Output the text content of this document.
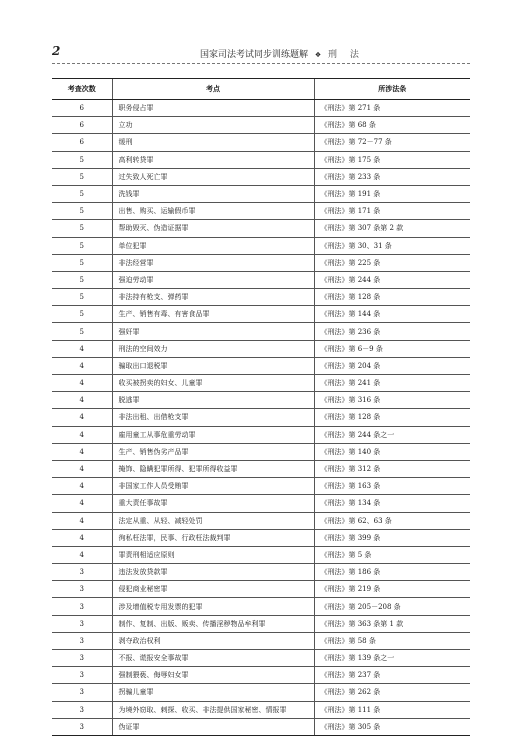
2	国家司法考试同步训练题解 ❖ 刑 法
考查次数	考点	所涉法条
6	职务侵占罪	《刑法》第 271 条
6	立功	《刑法》第 68 条
6	缓刑	《刑法》第 72－77 条
5	高利转贷罪	《刑法》第 175 条
5	过失致人死亡罪	《刑法》第 233 条
5	洗钱罪	《刑法》第 191 条
5	出售、购买、运输假币罪	《刑法》第 171 条
5	帮助毁灭、伪造证据罪	《刑法》第 307 条第 2 款
5	单位犯罪	《刑法》第 30、31 条
5	非法经营罪	《刑法》第 225 条
5	强迫劳动罪	《刑法》第 244 条
5	非法持有枪支、弹药罪	《刑法》第 128 条
5	生产、销售有毒、有害食品罪	《刑法》第 144 条
5	强奸罪	《刑法》第 236 条
4	刑法的空间效力	《刑法》第 6－9 条
4	骗取出口退税罪	《刑法》第 204 条
4	收买被拐卖的妇女、儿童罪	《刑法》第 241 条
4	脱逃罪	《刑法》第 316 条
4	非法出租、出借枪支罪	《刑法》第 128 条
4	雇用童工从事危重劳动罪	《刑法》第 244 条之一
4	生产、销售伪劣产品罪	《刑法》第 140 条
4	掩饰、隐瞒犯罪所得、犯罪所得收益罪	《刑法》第 312 条
4	非国家工作人员受贿罪	《刑法》第 163 条
4	重大责任事故罪	《刑法》第 134 条
4	法定从重、从轻、减轻处罚	《刑法》第 62、63 条
4	徇私枉法罪，民事、行政枉法裁判罪	《刑法》第 399 条
4	罪责刑相适应原则	《刑法》第 5 条
3	违法发放贷款罪	《刑法》第 186 条
3	侵犯商业秘密罪	《刑法》第 219 条
3	涉及增值税专用发票的犯罪	《刑法》第 205－208 条
3	制作、复制、出版、贩卖、传播淫秽物品牟利罪	《刑法》第 363 条第 1 款
3	剥夺政治权利	《刑法》第 58 条
3	不报、谎报安全事故罪	《刑法》第 139 条之一
3	强制猥亵、侮辱妇女罪	《刑法》第 237 条
3	拐骗儿童罪	《刑法》第 262 条
3	为境外窃取、刺探、收买、非法提供国家秘密、情报罪	《刑法》第 111 条
3	伪证罪	《刑法》第 305 条
